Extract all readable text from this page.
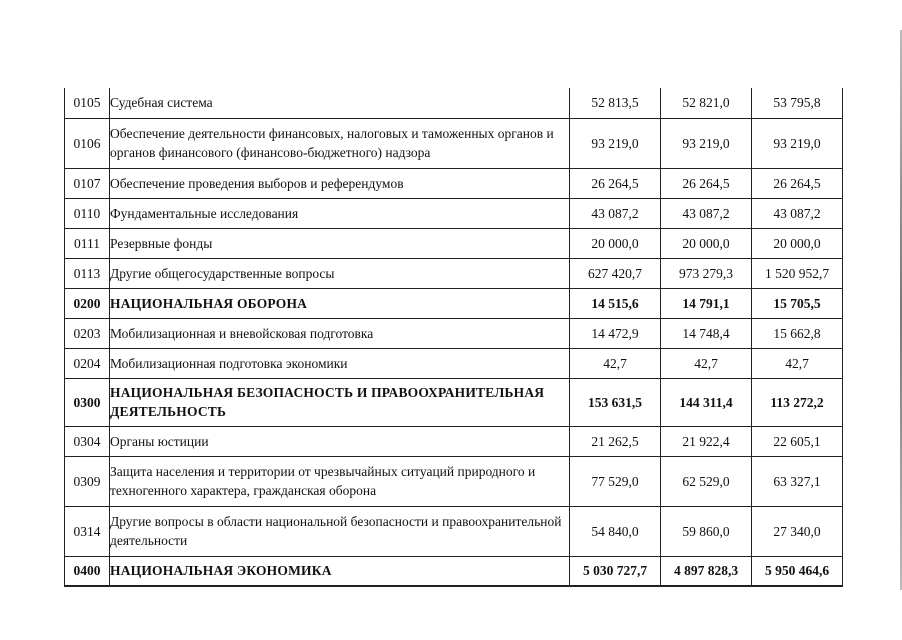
0105	Судебная система	52 813,5	52 821,0	53 795,8
0106	Обеспечение деятельности финансовых, налоговых и таможенных органов и органов финансового (финансово-бюджетного) надзора	93 219,0	93 219,0	93 219,0
0107	Обеспечение проведения выборов и референдумов	26 264,5	26 264,5	26 264,5
0110	Фундаментальные исследования	43 087,2	43 087,2	43 087,2
0111	Резервные фонды	20 000,0	20 000,0	20 000,0
0113	Другие общегосударственные вопросы	627 420,7	973 279,3	1 520 952,7
0200	НАЦИОНАЛЬНАЯ ОБОРОНА	14 515,6	14 791,1	15 705,5
0203	Мобилизационная и вневойсковая подготовка	14 472,9	14 748,4	15 662,8
0204	Мобилизационная подготовка экономики	42,7	42,7	42,7
0300	НАЦИОНАЛЬНАЯ БЕЗОПАСНОСТЬ И ПРАВООХРАНИТЕЛЬНАЯ ДЕЯТЕЛЬНОСТЬ	153 631,5	144 311,4	113 272,2
0304	Органы юстиции	21 262,5	21 922,4	22 605,1
0309	Защита населения и территории от чрезвычайных ситуаций природного и техногенного характера, гражданская оборона	77 529,0	62 529,0	63 327,1
0314	Другие вопросы в области национальной безопасности и правоохранительной деятельности	54 840,0	59 860,0	27 340,0
0400	НАЦИОНАЛЬНАЯ ЭКОНОМИКА	5 030 727,7	4 897 828,3	5 950 464,6
